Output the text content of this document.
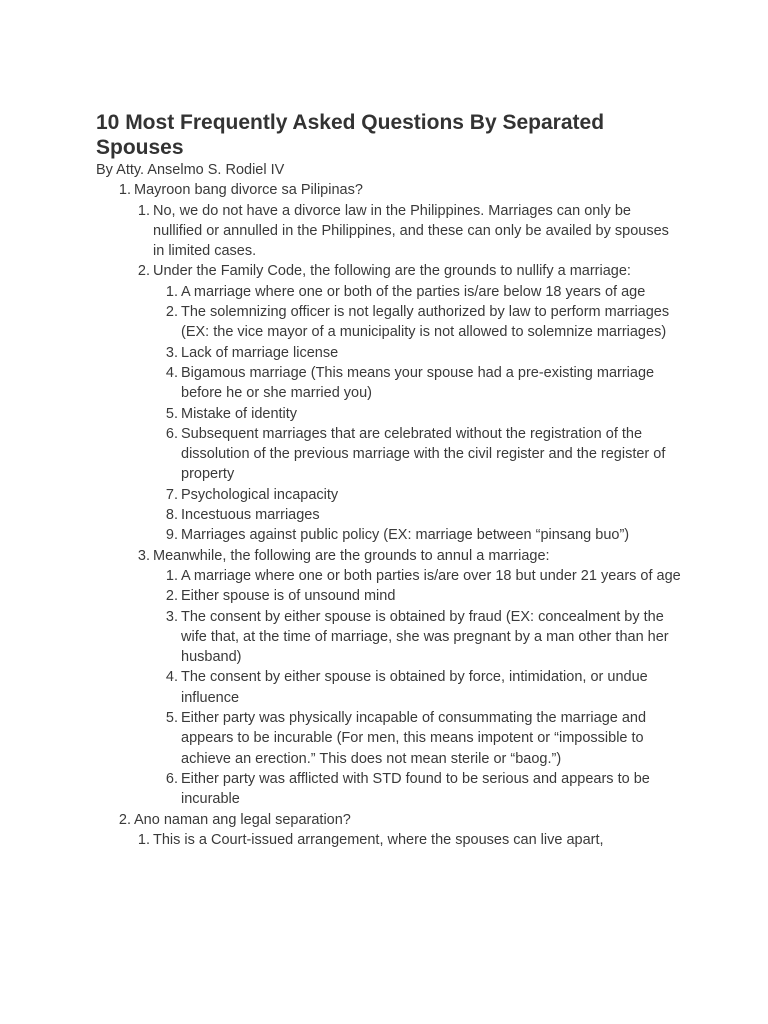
10 Most Frequently Asked Questions By Separated Spouses

By Atty. Anselmo S. Rodiel IV

1. Mayroon bang divorce sa Pilipinas?
1. No, we do not have a divorce law in the Philippines. Marriages can only be nullified or annulled in the Philippines, and these can only be availed by spouses in limited cases.
2. Under the Family Code, the following are the grounds to nullify a marriage:
1. A marriage where one or both of the parties is/are below 18 years of age
2. The solemnizing officer is not legally authorized by law to perform marriages (EX: the vice mayor of a municipality is not allowed to solemnize marriages)
3. Lack of marriage license
4. Bigamous marriage (This means your spouse had a pre-existing marriage before he or she married you)
5. Mistake of identity
6. Subsequent marriages that are celebrated without the registration of the dissolution of the previous marriage with the civil register and the register of property
7. Psychological incapacity
8. Incestuous marriages
9. Marriages against public policy (EX: marriage between “pinsang buo”)
3. Meanwhile, the following are the grounds to annul a marriage:
1. A marriage where one or both parties is/are over 18 but under 21 years of age
2. Either spouse is of unsound mind
3. The consent by either spouse is obtained by fraud (EX: concealment by the wife that, at the time of marriage, she was pregnant by a man other than her husband)
4. The consent by either spouse is obtained by force, intimidation, or undue influence
5. Either party was physically incapable of consummating the marriage and appears to be incurable (For men, this means impotent or “impossible to achieve an erection.” This does not mean sterile or “baog.”)
6. Either party was afflicted with STD found to be serious and appears to be incurable
2. Ano naman ang legal separation?
1. This is a Court-issued arrangement, where the spouses can live apart,
